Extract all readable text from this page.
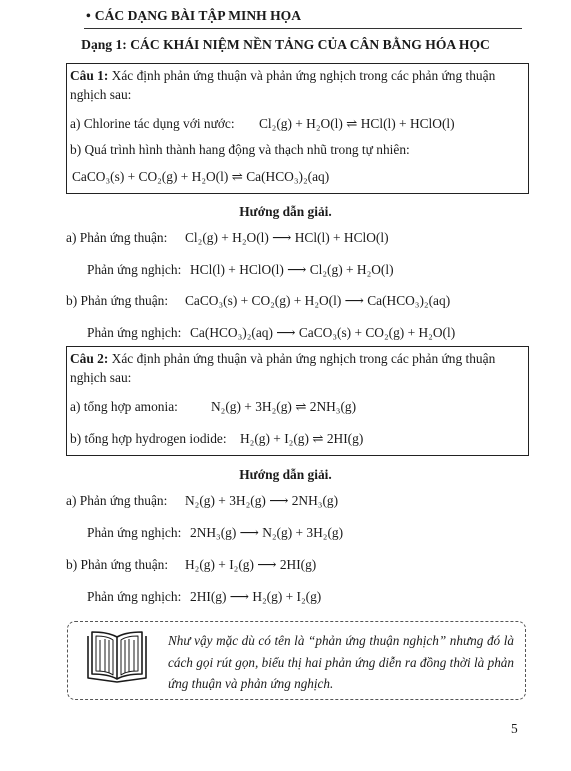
• CÁC DẠNG BÀI TẬP MINH HỌA
Dạng 1: CÁC KHÁI NIỆM NỀN TẢNG CỦA CÂN BẰNG HÓA HỌC
Câu 1: Xác định phản ứng thuận và phản ứng nghịch trong các phản ứng thuận
nghịch sau:
a) Chlorine tác dụng với nước: Cl₂(g) + H₂O(l) ⇌ HCl(l) + HClO(l)
b) Quá trình hình thành hang động và thạch nhũ trong tự nhiên:
CaCO₃(s) + CO₂(g) + H₂O(l) ⇌ Ca(HCO₃)₂(aq)
Hướng dẫn giải.
a) Phản ứng thuận: Cl₂(g) + H₂O(l) ⟶ HCl(l) + HClO(l)
Phản ứng nghịch: HCl(l) + HClO(l) ⟶ Cl₂(g) + H₂O(l)
b) Phản ứng thuận: CaCO₃(s) + CO₂(g) + H₂O(l) ⟶ Ca(HCO₃)₂(aq)
Phản ứng nghịch: Ca(HCO₃)₂(aq) ⟶ CaCO₃(s) + CO₂(g) + H₂O(l)
Câu 2: Xác định phản ứng thuận và phản ứng nghịch trong các phản ứng thuận
nghịch sau:
a) tổng hợp amonia: N₂(g) + 3H₂(g) ⇌ 2NH₃(g)
b) tổng hợp hydrogen iodide: H₂(g) + I₂(g) ⇌ 2HI(g)
Hướng dẫn giải.
a) Phản ứng thuận: N₂(g) + 3H₂(g) ⟶ 2NH₃(g)
Phản ứng nghịch: 2NH₃(g) ⟶ N₂(g) + 3H₂(g)
b) Phản ứng thuận: H₂(g) + I₂(g) ⟶ 2HI(g)
Phản ứng nghịch: 2HI(g) ⟶ H₂(g) + I₂(g)
Như vậy mặc dù có tên là “phản ứng thuận nghịch” nhưng đó là cách gọi rút gọn, biểu thị hai phản ứng diễn ra đồng thời là phản ứng thuận và phản ứng nghịch.
5
